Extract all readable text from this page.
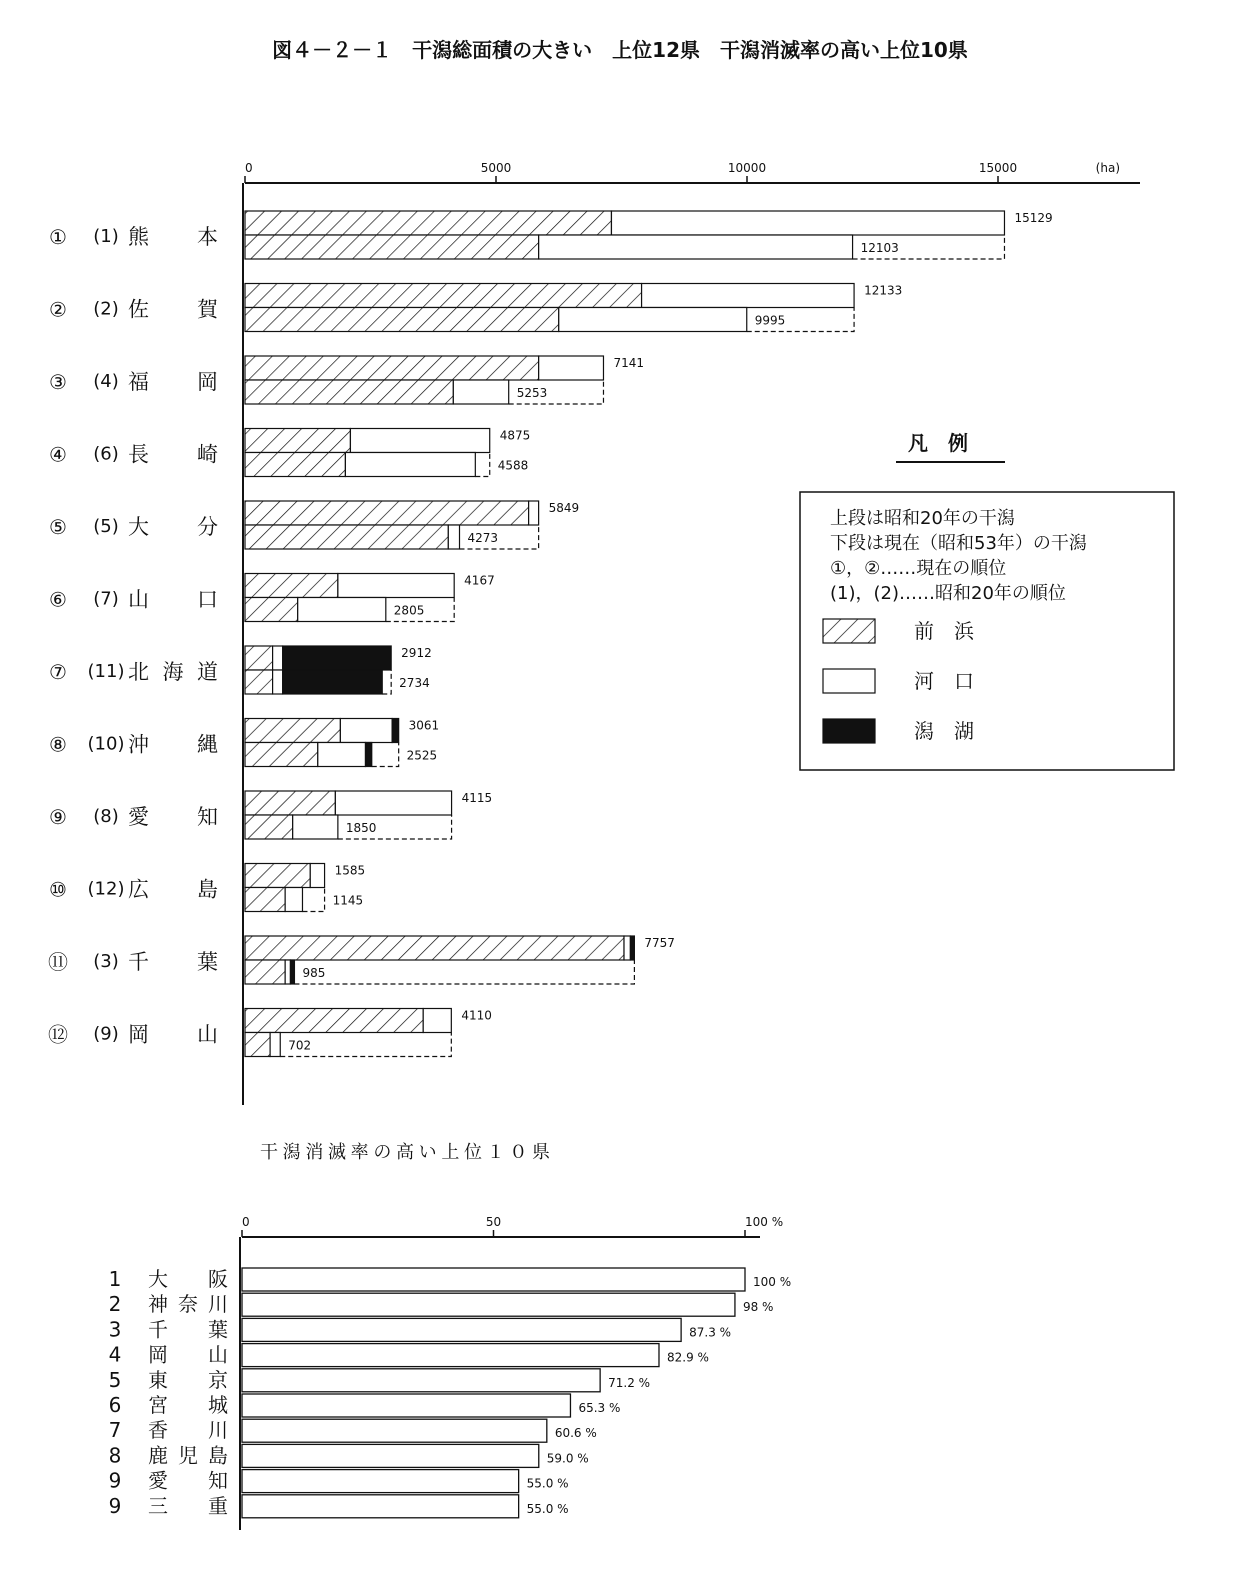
図４－２－１　干潟総面積の大きい　上位12県　干潟消滅率の高い上位10県
0	5000	10000	15000	(ha)
① (1) 熊本
15129
12103
② (2) 佐賀
12133
9995
③ (4) 福岡
7141
5253
④ (6) 長崎
4875
4588
⑤ (5) 大分
5849
4273
⑥ (7) 山口
4167
2805
⑦ (11) 北海道
2912
2734
⑧ (10) 沖縄
3061
2525
⑨ (8) 愛知
4115
1850
⑩ (12) 広島
1585
1145
⑪ (3) 千葉
7757
985
⑫ (9) 岡山
4110
702
凡　例
上段は昭和20年の干潟
下段は現在（昭和53年）の干潟
①，②……現在の順位
(1)，(2)……昭和20年の順位
前　浜
河　口
潟　湖
干潟消滅率の高い上位１０県
0	50	100 %
1 大　阪	100 %
2 神奈川	98 %
3 千　葉	87.3 %
4 岡　山	82.9 %
5 東　京	71.2 %
6 宮　城	65.3 %
7 香　川	60.6 %
8 鹿児島	59.0 %
9 愛　知	55.0 %
9 三　重	55.0 %
